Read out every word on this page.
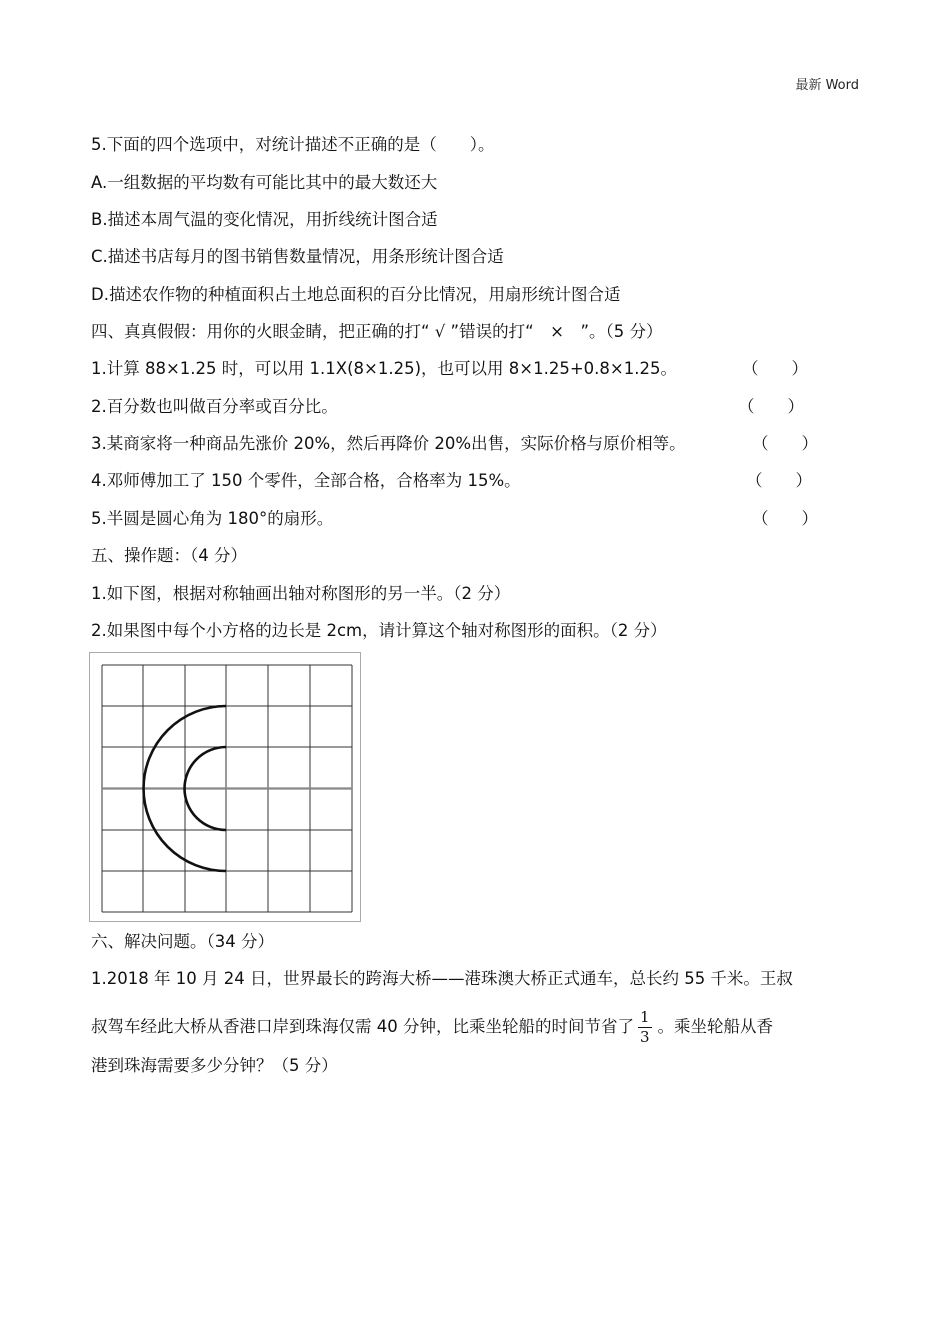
最新 Word
5.下面的四个选项中，对统计描述不正确的是（　　）。
A.一组数据的平均数有可能比其中的最大数还大
B.描述本周气温的变化情况，用折线统计图合适
C.描述书店每月的图书销售数量情况，用条形统计图合适
D.描述农作物的种植面积占土地总面积的百分比情况，用扇形统计图合适
四、真真假假：用你的火眼金睛，把正确的打“ √ ”错误的打“　×　”。（5 分）
1.计算 88×1.25 时，可以用 1.1X(8×1.25)，也可以用 8×1.25+0.8×1.25。	（　　）
2.百分数也叫做百分率或百分比。	（　　）
3.某商家将一种商品先涨价 20%，然后再降价 20%出售，实际价格与原价相等。	（　　）
4.邓师傅加工了 150 个零件，全部合格，合格率为 15%。	（　　）
5.半圆是圆心角为 180°的扇形。	（　　）
五、操作题：（4 分）
1.如下图，根据对称轴画出轴对称图形的另一半。（2 分）
2.如果图中每个小方格的边长是 2cm，请计算这个轴对称图形的面积。（2 分）
六、解决问题。（34 分）
1.2018 年 10 月 24 日，世界最长的跨海大桥——港珠澳大桥正式通车，总长约 55 千米。王叔
叔驾车经此大桥从香港口岸到珠海仅需 40 分钟，比乘坐轮船的时间节省了 $\frac{1}{3}$ 。乘坐轮船从香
港到珠海需要多少分钟？（5 分）
